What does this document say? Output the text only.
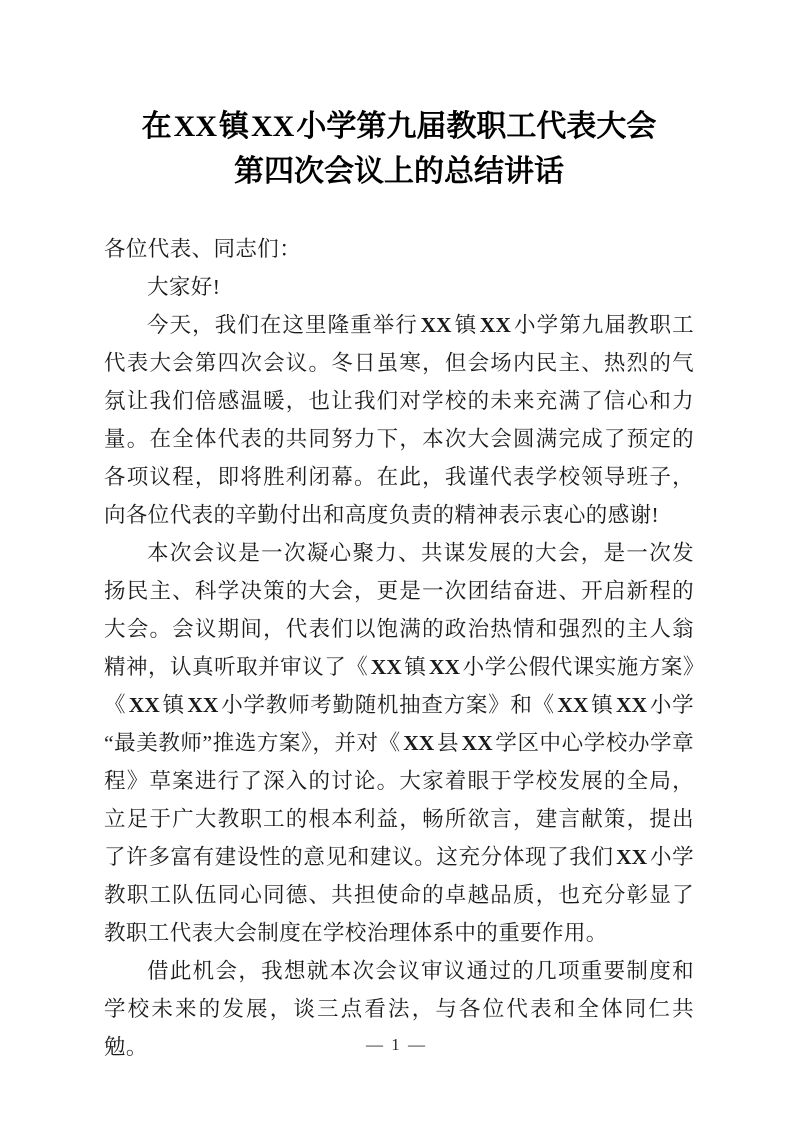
在XX镇XX小学第九届教职工代表大会
第四次会议上的总结讲话

各位代表、同志们：

大家好!

今天，我们在这里隆重举行 XX 镇 XX 小学第九届教职工代表大会第四次会议。冬日虽寒，但会场内民主、热烈的气氛让我们倍感温暖，也让我们对学校的未来充满了信心和力量。在全体代表的共同努力下，本次大会圆满完成了预定的各项议程，即将胜利闭幕。在此，我谨代表学校领导班子，向各位代表的辛勤付出和高度负责的精神表示衷心的感谢!

本次会议是一次凝心聚力、共谋发展的大会，是一次发扬民主、科学决策的大会，更是一次团结奋进、开启新程的大会。会议期间，代表们以饱满的政治热情和强烈的主人翁精神，认真听取并审议了《 XX 镇 XX 小学公假代课实施方案》《 XX 镇 XX 小学教师考勤随机抽查方案》和《 XX 镇 XX 小学“最美教师”推选方案》，并对《 XX 县 XX 学区中心学校办学章程》草案进行了深入的讨论。大家着眼于学校发展的全局，立足于广大教职工的根本利益，畅所欲言，建言献策，提出了许多富有建设性的意见和建议。这充分体现了我们 XX 小学教职工队伍同心同德、共担使命的卓越品质，也充分彰显了教职工代表大会制度在学校治理体系中的重要作用。

借此机会，我想就本次会议审议通过的几项重要制度和学校未来的发展，谈三点看法，与各位代表和全体同仁共勉。	— 1 —
